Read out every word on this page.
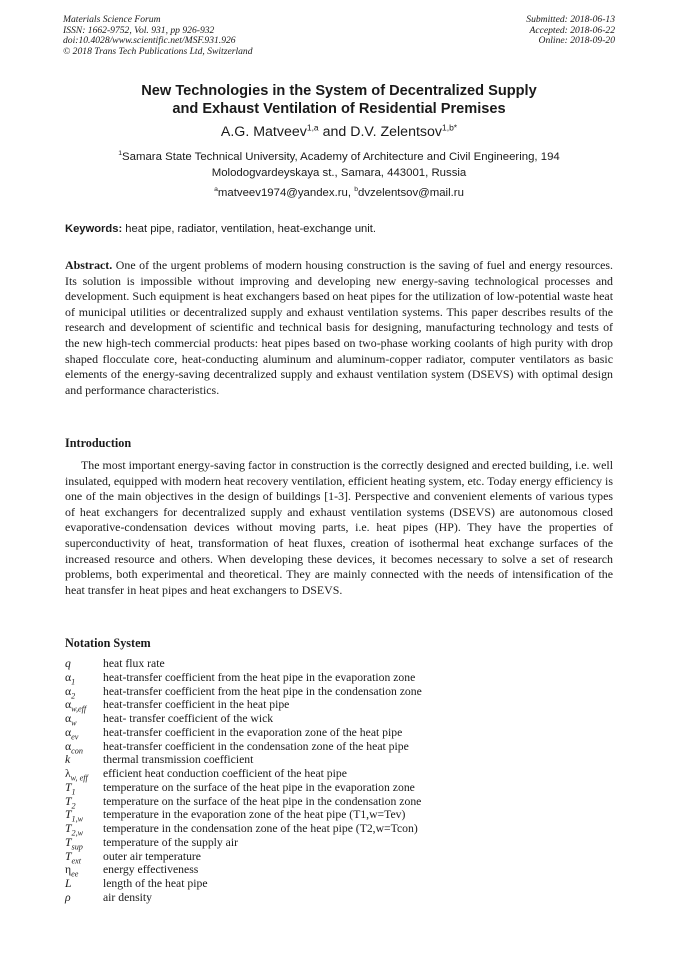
Materials Science Forum
ISSN: 1662-9752, Vol. 931, pp 926-932
doi:10.4028/www.scientific.net/MSF.931.926
© 2018 Trans Tech Publications Ltd, Switzerland
Submitted: 2018-06-13
Accepted: 2018-06-22
Online: 2018-09-20
New Technologies in the System of Decentralized Supply
and Exhaust Ventilation of Residential Premises
A.G. Matveev$^{1,a}$ and D.V. Zelentsov$^{1,b*}$
$^1$Samara State Technical University, Academy of Architecture and Civil Engineering, 194
Molodogvardeyskaya st., Samara, 443001, Russia
$^a$matveev1974@yandex.ru, $^b$dvzelentsov@mail.ru
Keywords: heat pipe, radiator, ventilation, heat-exchange unit.
Abstract. One of the urgent problems of modern housing construction is the saving of fuel and energy resources. Its solution is impossible without improving and developing new energy-saving technological processes and development. Such equipment is heat exchangers based on heat pipes for the utilization of low-potential waste heat of municipal utilities or decentralized supply and exhaust ventilation systems. This paper describes results of the research and development of scientific and technical basis for designing, manufacturing technology and tests of the new high-tech commercial products: heat pipes based on two-phase working coolants of high purity with drop shaped flocculate core, heat-conducting aluminum and aluminum-copper radiator, computer ventilators as basic elements of the energy-saving decentralized supply and exhaust ventilation system (DSEVS) with optimal design and performance characteristics.
Introduction
The most important energy-saving factor in construction is the correctly designed and erected building, i.e. well insulated, equipped with modern heat recovery ventilation, efficient heating system, etc. Today energy efficiency is one of the main objectives in the design of buildings [1-3]. Perspective and convenient elements of various types of heat exchangers for decentralized supply and exhaust ventilation systems (DSEVS) are autonomous closed evaporative-condensation devices without moving parts, i.e. heat pipes (HP). They have the properties of superconductivity of heat, transformation of heat fluxes, creation of isothermal heat exchange surfaces of the increased resource and others. When developing these devices, it becomes necessary to solve a set of research problems, both experimental and theoretical. They are mainly connected with the needs of intensification of the heat transfer in heat pipes and heat exchangers to DSEVS.
Notation System
q	heat flux rate
$\alpha_1$	heat-transfer coefficient from the heat pipe in the evaporation zone
$\alpha_2$	heat-transfer coefficient from the heat pipe in the condensation zone
$\alpha_{w,eff}$	heat-transfer coefficient in the heat pipe
$\alpha_w$	heat- transfer coefficient of the wick
$\alpha_{ev}$	heat-transfer coefficient in the evaporation zone of the heat pipe
$\alpha_{con}$	heat-transfer coefficient in the condensation zone of the heat pipe
k	thermal transmission coefficient
$\lambda_{w, eff}$	efficient heat conduction coefficient of the heat pipe
$T_1$	temperature on the surface of the heat pipe in the evaporation zone
$T_2$	temperature on the surface of the heat pipe in the condensation zone
$T_{1,w}$	temperature in the evaporation zone of the heat pipe (T1,w=Tev)
$T_{2,w}$	temperature in the condensation zone of the heat pipe (T2,w=Tcon)
$T_{sup}$	temperature of the supply air
$T_{ext}$	outer air temperature
$\eta_{ee}$	energy effectiveness
L	length of the heat pipe
ρ	air density
